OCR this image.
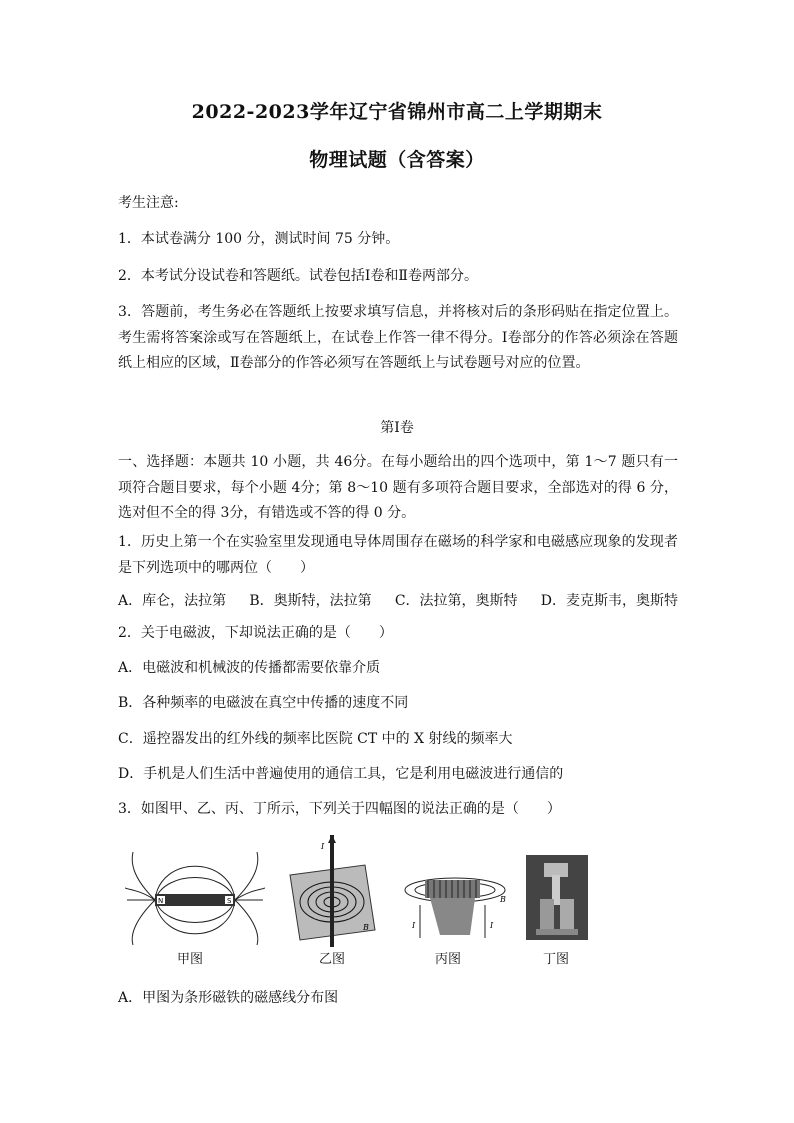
2022-2023学年辽宁省锦州市高二上学期期末
物理试题（含答案）
考生注意:
1．本试卷满分 100 分，测试时间 75 分钟。
2．本考试分设试卷和答题纸。试卷包括Ⅰ卷和Ⅱ卷两部分。
3．答题前，考生务必在答题纸上按要求填写信息，并将核对后的条形码贴在指定位置上。考生需将答案涂或写在答题纸上，在试卷上作答一律不得分。Ⅰ卷部分的作答必须涂在答题纸上相应的区域，Ⅱ卷部分的作答必须写在答题纸上与试卷题号对应的位置。
第Ⅰ卷
一、选择题：本题共 10 小题，共 46分。在每小题给出的四个选项中，第 1～7 题只有一项符合题目要求，每个小题 4分；第 8～10 题有多项符合题目要求，全部选对的得 6 分，选对但不全的得 3分，有错选或不答的得 0 分。
1．历史上第一个在实验室里发现通电导体周围存在磁场的科学家和电磁感应现象的发现者是下列选项中的哪两位（　　）
A．库仑，法拉第 B．奥斯特，法拉第 C．法拉第，奥斯特 D．麦克斯韦，奥斯特
2．关于电磁波，下却说法正确的是（　　）
A．电磁波和机械波的传播都需要依靠介质
B．各种频率的电磁波在真空中传播的速度不同
C．遥控器发出的红外线的频率比医院 CT 中的 X 射线的频率大
D．手机是人们生活中普遍使用的通信工具，它是利用电磁波进行通信的
3．如图甲、乙、丙、丁所示，下列关于四幅图的说法正确的是（　　）
N	S
甲图
I
B
乙图
I	I
B
丙图	丁图
A．甲图为条形磁铁的磁感线分布图
